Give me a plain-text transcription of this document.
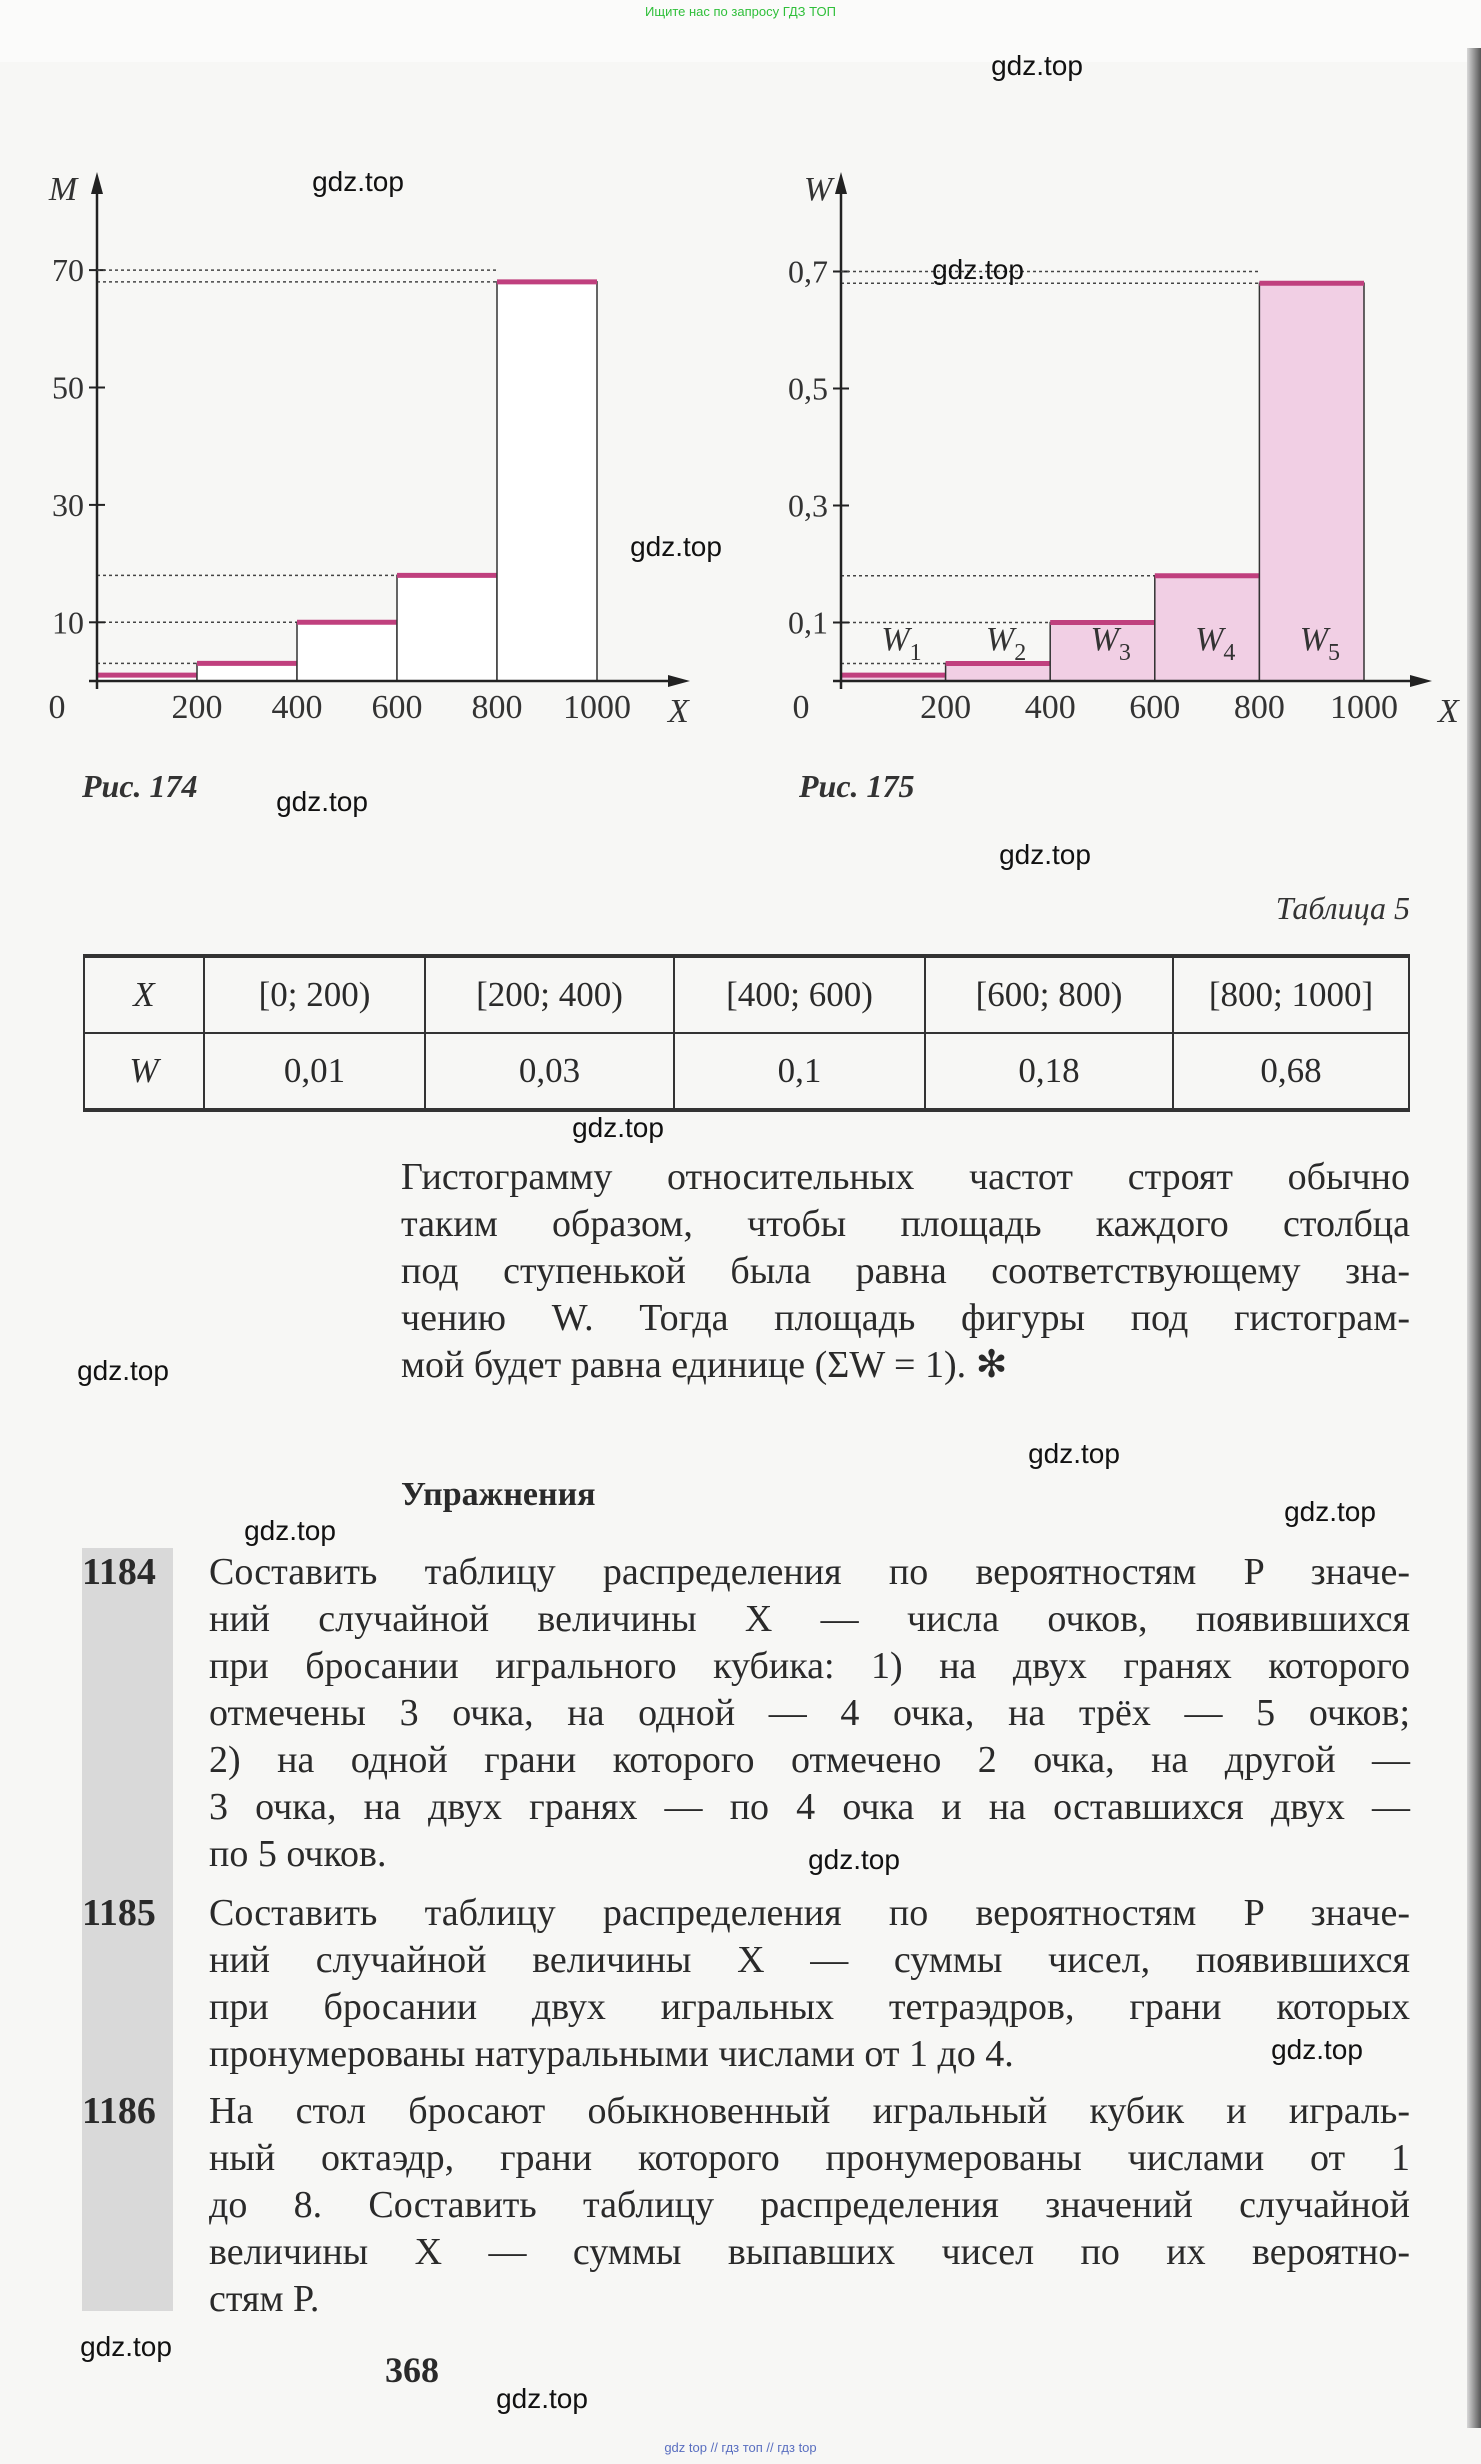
Ищите нас по запросу ГДЗ ТОП
10
30
50
70
0	200 400 600 800 1000 X
M
$W_1$ $W_2$ $W_3$ $W_4$ $W_5$
0,1
0,3
0,5
0,7
0	200 400 600 800 1000 X
W
Рис. 174	Рис. 175
Таблица 5
X	[0; 200)	[200; 400)	[400; 600)	[600; 800)	[800; 1000]
W	0,01	0,03	0,1	0,18	0,68
Гистограмму относительных частот строят обычно
таким образом, чтобы площадь каждого столбца
под ступенькой была равна соответствующему зна-
чению W. Тогда площадь фигуры под гистограм-
мой будет равна единице (ΣW = 1). ✻
Упражнения
1184 Составить таблицу распределения по вероятностям P значе-
ний случайной величины X — числа очков, появившихся
при бросании игрального кубика: 1) на двух гранях которого
отмечены 3 очка, на одной — 4 очка, на трёх — 5 очков;
2) на одной грани которого отмечено 2 очка, на другой —
3 очка, на двух гранях — по 4 очка и на оставшихся двух —
по 5 очков.
1185 Составить таблицу распределения по вероятностям P значе-
ний случайной величины X — суммы чисел, появившихся
при бросании двух игральных тетраэдров, грани которых
пронумерованы натуральными числами от 1 до 4.
1186 На стол бросают обыкновенный игральный кубик и играль-
ный октаэдр, грани которого пронумерованы числами от 1
до 8. Составить таблицу распределения значений случайной
величины X — суммы выпавших чисел по их вероятно-
стям P.
368
gdz top // гдз топ // гдз top
gdz.top
gdz.top
gdz.top
gdz.top
gdz.top
gdz.top
gdz.top
gdz.top
gdz.top
gdz.top
gdz.top
gdz.top
gdz.top
gdz.top
gdz.top
